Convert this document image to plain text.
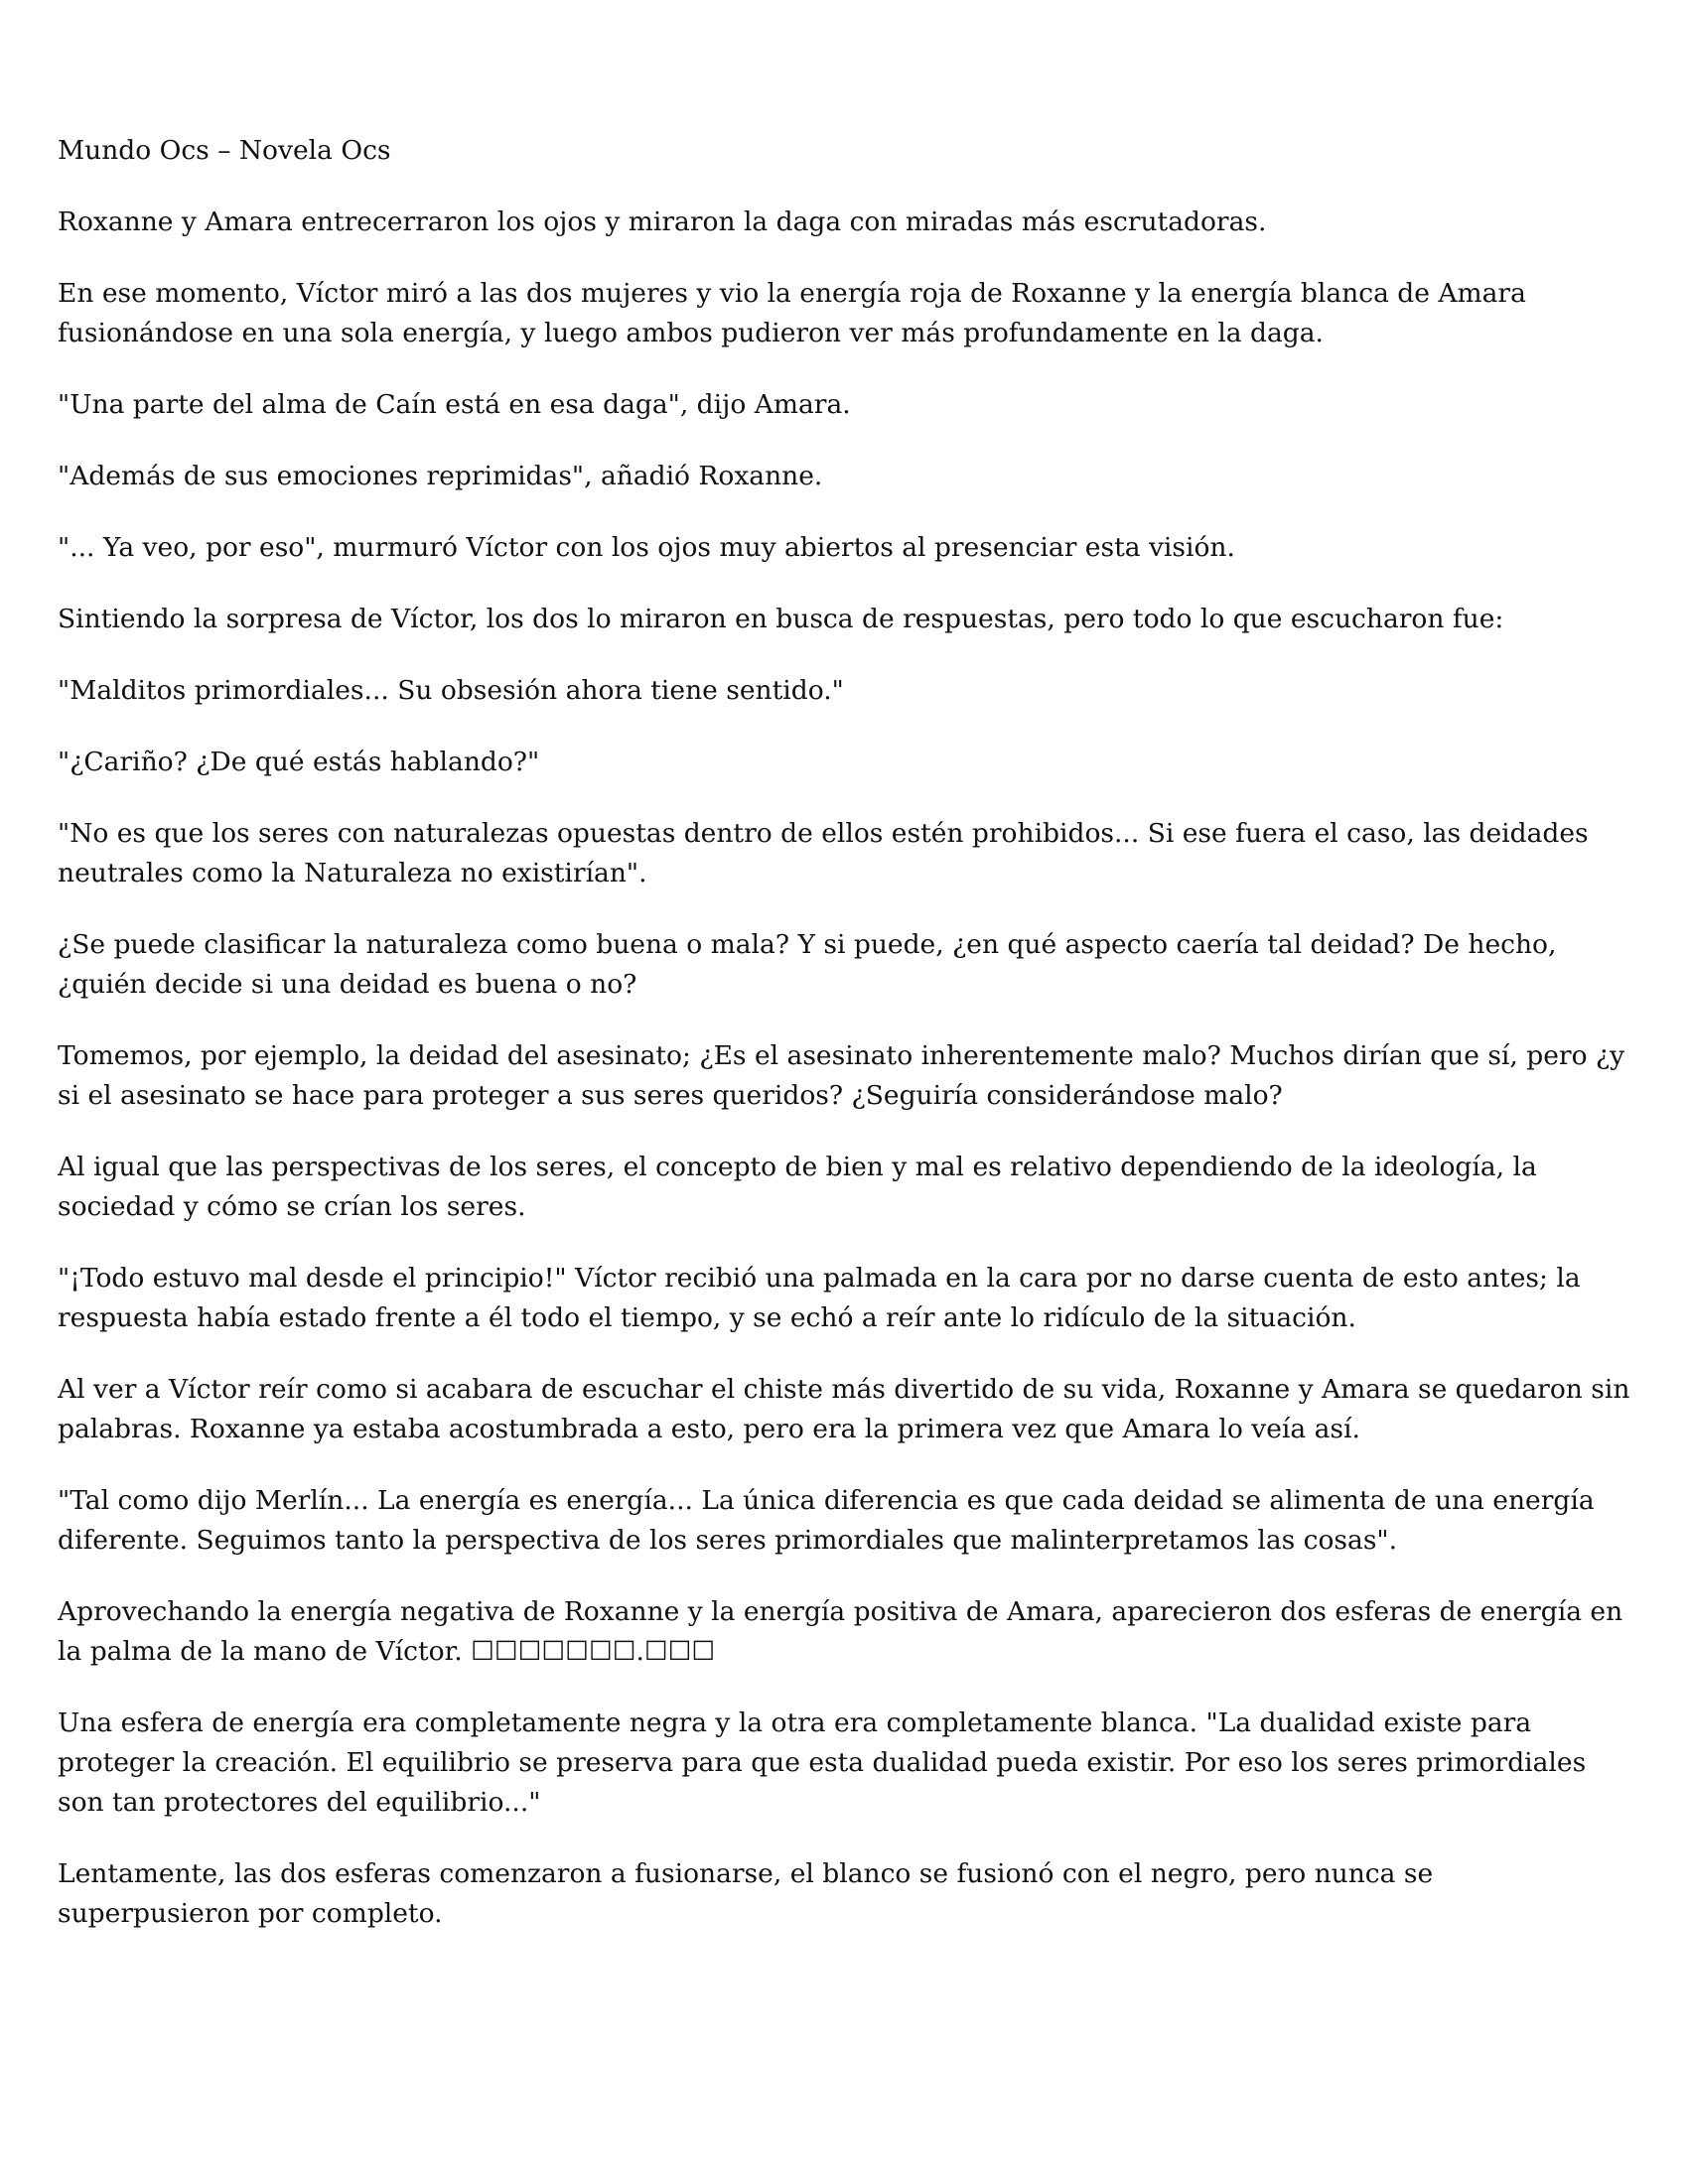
Mundo Ocs – Novela Ocs

Roxanne y Amara entrecerraron los ojos y miraron la daga con miradas más escrutadoras.

En ese momento, Víctor miró a las dos mujeres y vio la energía roja de Roxanne y la energía blanca de Amara fusionándose en una sola energía, y luego ambos pudieron ver más profundamente en la daga.

"Una parte del alma de Caín está en esa daga", dijo Amara.

"Además de sus emociones reprimidas", añadió Roxanne.

"... Ya veo, por eso", murmuró Víctor con los ojos muy abiertos al presenciar esta visión.

Sintiendo la sorpresa de Víctor, los dos lo miraron en busca de respuestas, pero todo lo que escucharon fue:

"Malditos primordiales... Su obsesión ahora tiene sentido."

"¿Cariño? ¿De qué estás hablando?"

"No es que los seres con naturalezas opuestas dentro de ellos estén prohibidos... Si ese fuera el caso, las deidades neutrales como la Naturaleza no existirían".

¿Se puede clasificar la naturaleza como buena o mala? Y si puede, ¿en qué aspecto caería tal deidad? De hecho, ¿quién decide si una deidad es buena o no?

Tomemos, por ejemplo, la deidad del asesinato; ¿Es el asesinato inherentemente malo? Muchos dirían que sí, pero ¿y si el asesinato se hace para proteger a sus seres queridos? ¿Seguiría considerándose malo?

Al igual que las perspectivas de los seres, el concepto de bien y mal es relativo dependiendo de la ideología, la sociedad y cómo se crían los seres.

"¡Todo estuvo mal desde el principio!" Víctor recibió una palmada en la cara por no darse cuenta de esto antes; la respuesta había estado frente a él todo el tiempo, y se echó a reír ante lo ridículo de la situación.

Al ver a Víctor reír como si acabara de escuchar el chiste más divertido de su vida, Roxanne y Amara se quedaron sin palabras. Roxanne ya estaba acostumbrada a esto, pero era la primera vez que Amara lo veía así.

"Tal como dijo Merlín... La energía es energía... La única diferencia es que cada deidad se alimenta de una energía diferente. Seguimos tanto la perspectiva de los seres primordiales que malinterpretamos las cosas".

Aprovechando la energía negativa de Roxanne y la energía positiva de Amara, aparecieron dos esferas de energía en la palma de la mano de Víctor. ☐☐☐☐☐☐☐.☐☐☐

Una esfera de energía era completamente negra y la otra era completamente blanca. "La dualidad existe para proteger la creación. El equilibrio se preserva para que esta dualidad pueda existir. Por eso los seres primordiales son tan protectores del equilibrio..."

Lentamente, las dos esferas comenzaron a fusionarse, el blanco se fusionó con el negro, pero nunca se superpusieron por completo.
